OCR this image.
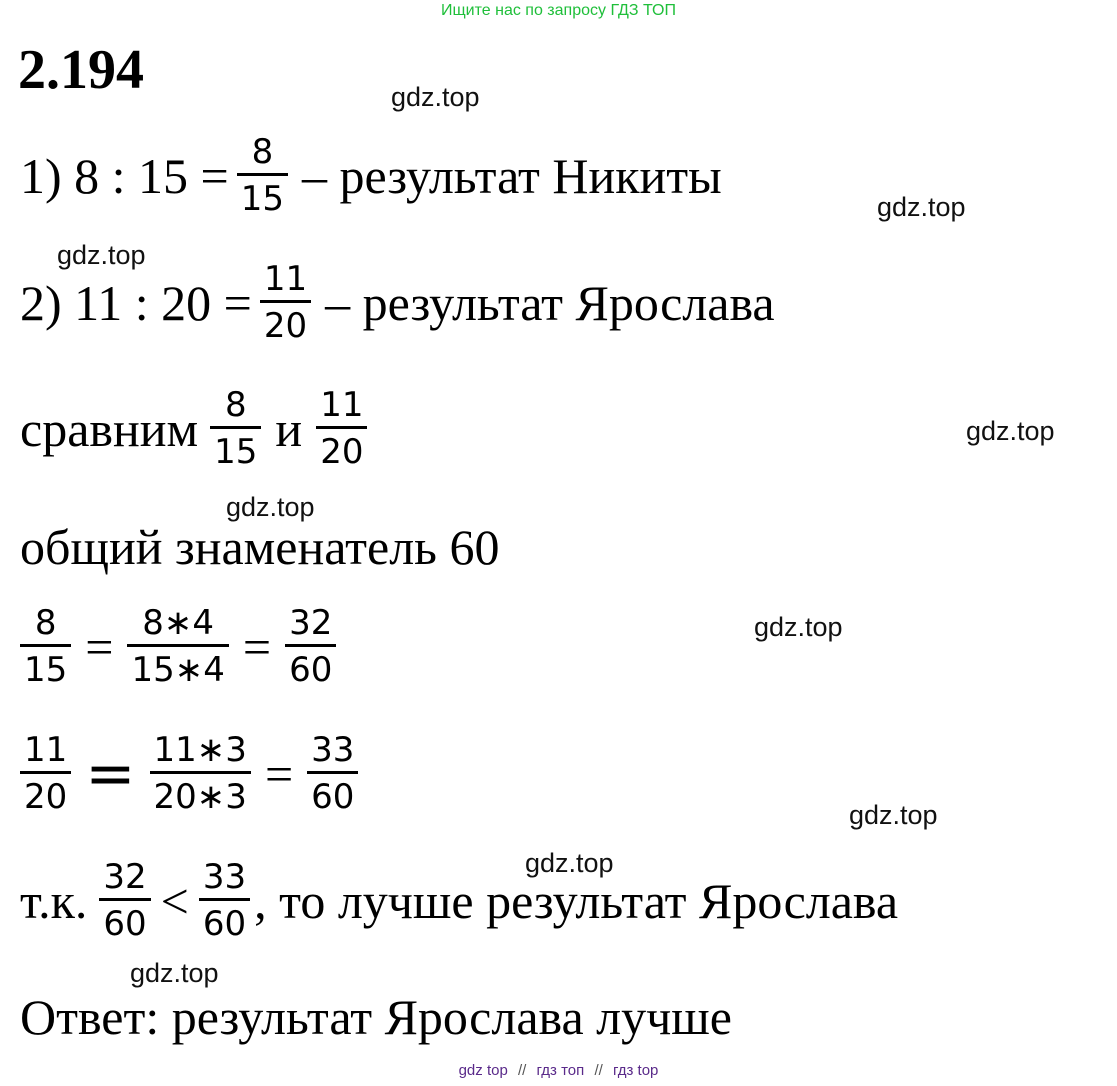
Ищите нас по запросу ГДЗ ТОП
2.194	gdz.top
gdz.top
gdz.top
gdz.top
gdz.top
gdz.top
gdz.top
gdz.top
gdz.top
1) 8 : $15 = \frac{8}{15}$ – результат Никиты
2) 11 : $20 = \frac{11}{20}$ – результат Ярослава
сравним $\frac{8}{15}$ и $\frac{11}{20}$
общий знаменатель 60
$\frac{8}{15} = \frac{8∗4}{15∗4} = \frac{32}{60}$
$\frac{11}{20} = \frac{11∗3}{20∗3} = \frac{33}{60}$
т.к. $\frac{32}{60} < \frac{33}{60}$ , то лучше результат Ярослава
Ответ: результат Ярослава лучше
gdz top // гдз топ // гдз top
